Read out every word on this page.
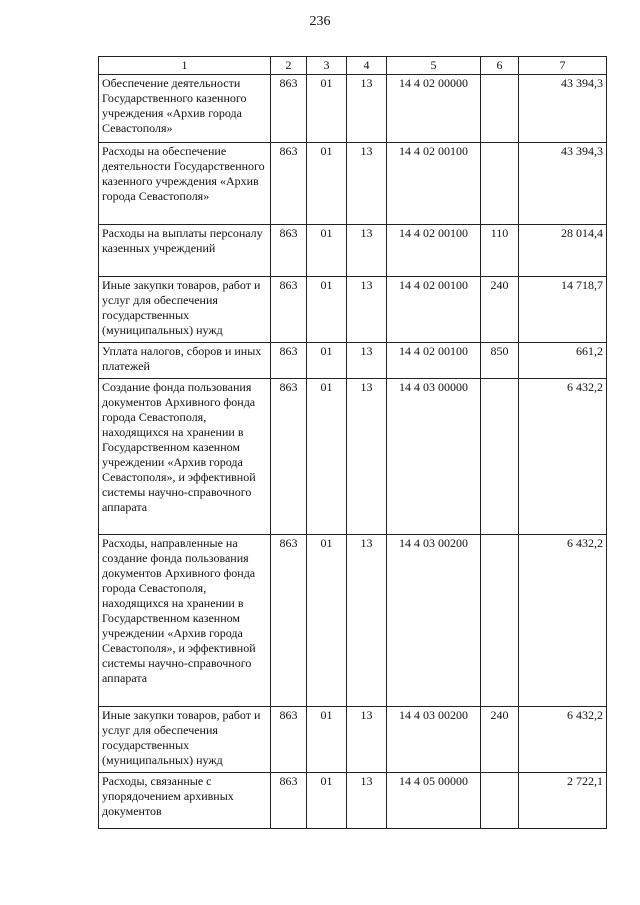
236
1	2	3	4	5	6	7
Обеспечение деятельности Государственного казенного учреждения «Архив города Севастополя»	863	01	13	14 4 02 00000		43 394,3
Расходы на обеспечение деятельности Государственного казенного учреждения «Архив города Севастополя»	863	01	13	14 4 02 00100		43 394,3
Расходы на выплаты персоналу казенных учреждений	863	01	13	14 4 02 00100	110	28 014,4
Иные закупки товаров, работ и услуг для обеспечения государственных (муниципальных) нужд	863	01	13	14 4 02 00100	240	14 718,7
Уплата налогов, сборов и иных платежей	863	01	13	14 4 02 00100	850	661,2
Создание фонда пользования документов Архивного фонда города Севастополя, находящихся на хранении в Государственном казенном учреждении «Архив города Севастополя», и эффективной системы научно-справочного аппарата	863	01	13	14 4 03 00000		6 432,2
Расходы, направленные на создание фонда пользования документов Архивного фонда города Севастополя, находящихся на хранении в Государственном казенном учреждении «Архив города Севастополя», и эффективной системы научно-справочного аппарата	863	01	13	14 4 03 00200		6 432,2
Иные закупки товаров, работ и услуг для обеспечения государственных (муниципальных) нужд	863	01	13	14 4 03 00200	240	6 432,2
Расходы, связанные с упорядочением архивных документов	863	01	13	14 4 05 00000		2 722,1
